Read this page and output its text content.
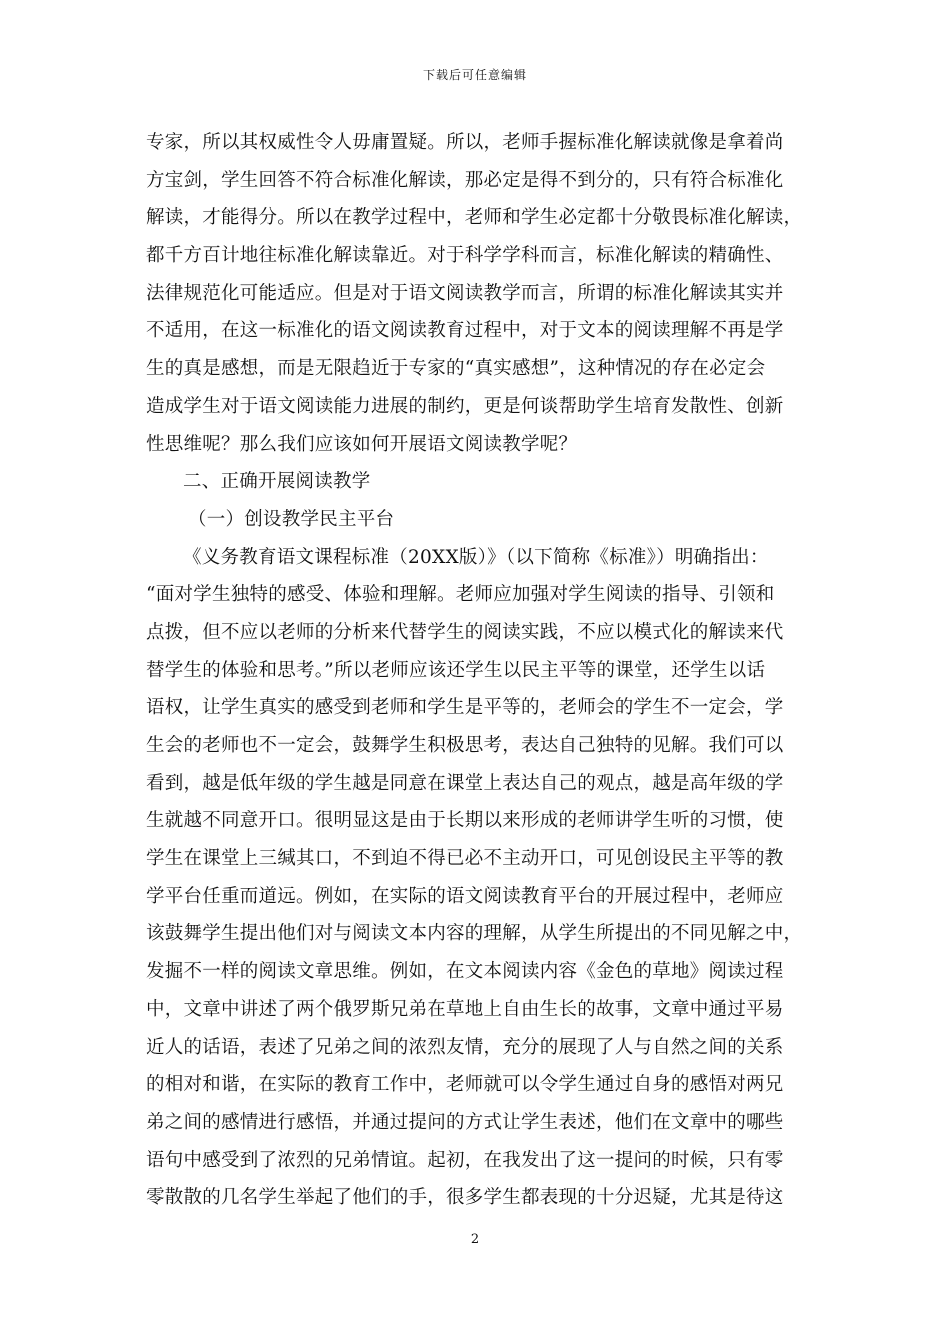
下载后可任意编辑
专家，所以其权威性令人毋庸置疑。所以，老师手握标准化解读就像是拿着尚
方宝剑，学生回答不符合标准化解读，那必定是得不到分的，只有符合标准化
解读，才能得分。所以在教学过程中，老师和学生必定都十分敬畏标准化解读，
都千方百计地往标准化解读靠近。对于科学学科而言，标准化解读的精确性、
法律规范化可能适应。但是对于语文阅读教学而言，所谓的标准化解读其实并
不适用，在这一标准化的语文阅读教育过程中，对于文本的阅读理解不再是学
生的真是感想，而是无限趋近于专家的“真实感想”，这种情况的存在必定会
造成学生对于语文阅读能力进展的制约，更是何谈帮助学生培育发散性、创新
性思维呢？那么我们应该如何开展语文阅读教学呢？
二、正确开展阅读教学
（一）创设教学民主平台
《义务教育语文课程标准（20XX版）》（以下简称《标准》）明确指出：
“面对学生独特的感受、体验和理解。老师应加强对学生阅读的指导、引领和
点拨，但不应以老师的分析来代替学生的阅读实践，不应以模式化的解读来代
替学生的体验和思考。”所以老师应该还学生以民主平等的课堂，还学生以话
语权，让学生真实的感受到老师和学生是平等的，老师会的学生不一定会，学
生会的老师也不一定会，鼓舞学生积极思考，表达自己独特的见解。我们可以
看到，越是低年级的学生越是同意在课堂上表达自己的观点，越是高年级的学
生就越不同意开口。很明显这是由于长期以来形成的老师讲学生听的习惯，使
学生在课堂上三缄其口，不到迫不得已必不主动开口，可见创设民主平等的教
学平台任重而道远。例如，在实际的语文阅读教育平台的开展过程中，老师应
该鼓舞学生提出他们对与阅读文本内容的理解，从学生所提出的不同见解之中，
发掘不一样的阅读文章思维。例如，在文本阅读内容《金色的草地》阅读过程
中，文章中讲述了两个俄罗斯兄弟在草地上自由生长的故事，文章中通过平易
近人的话语，表述了兄弟之间的浓烈友情，充分的展现了人与自然之间的关系
的相对和谐，在实际的教育工作中，老师就可以令学生通过自身的感悟对两兄
弟之间的感情进行感悟，并通过提问的方式让学生表述，他们在文章中的哪些
语句中感受到了浓烈的兄弟情谊。起初，在我发出了这一提问的时候，只有零
零散散的几名学生举起了他们的手，很多学生都表现的十分迟疑，尤其是待这
2
